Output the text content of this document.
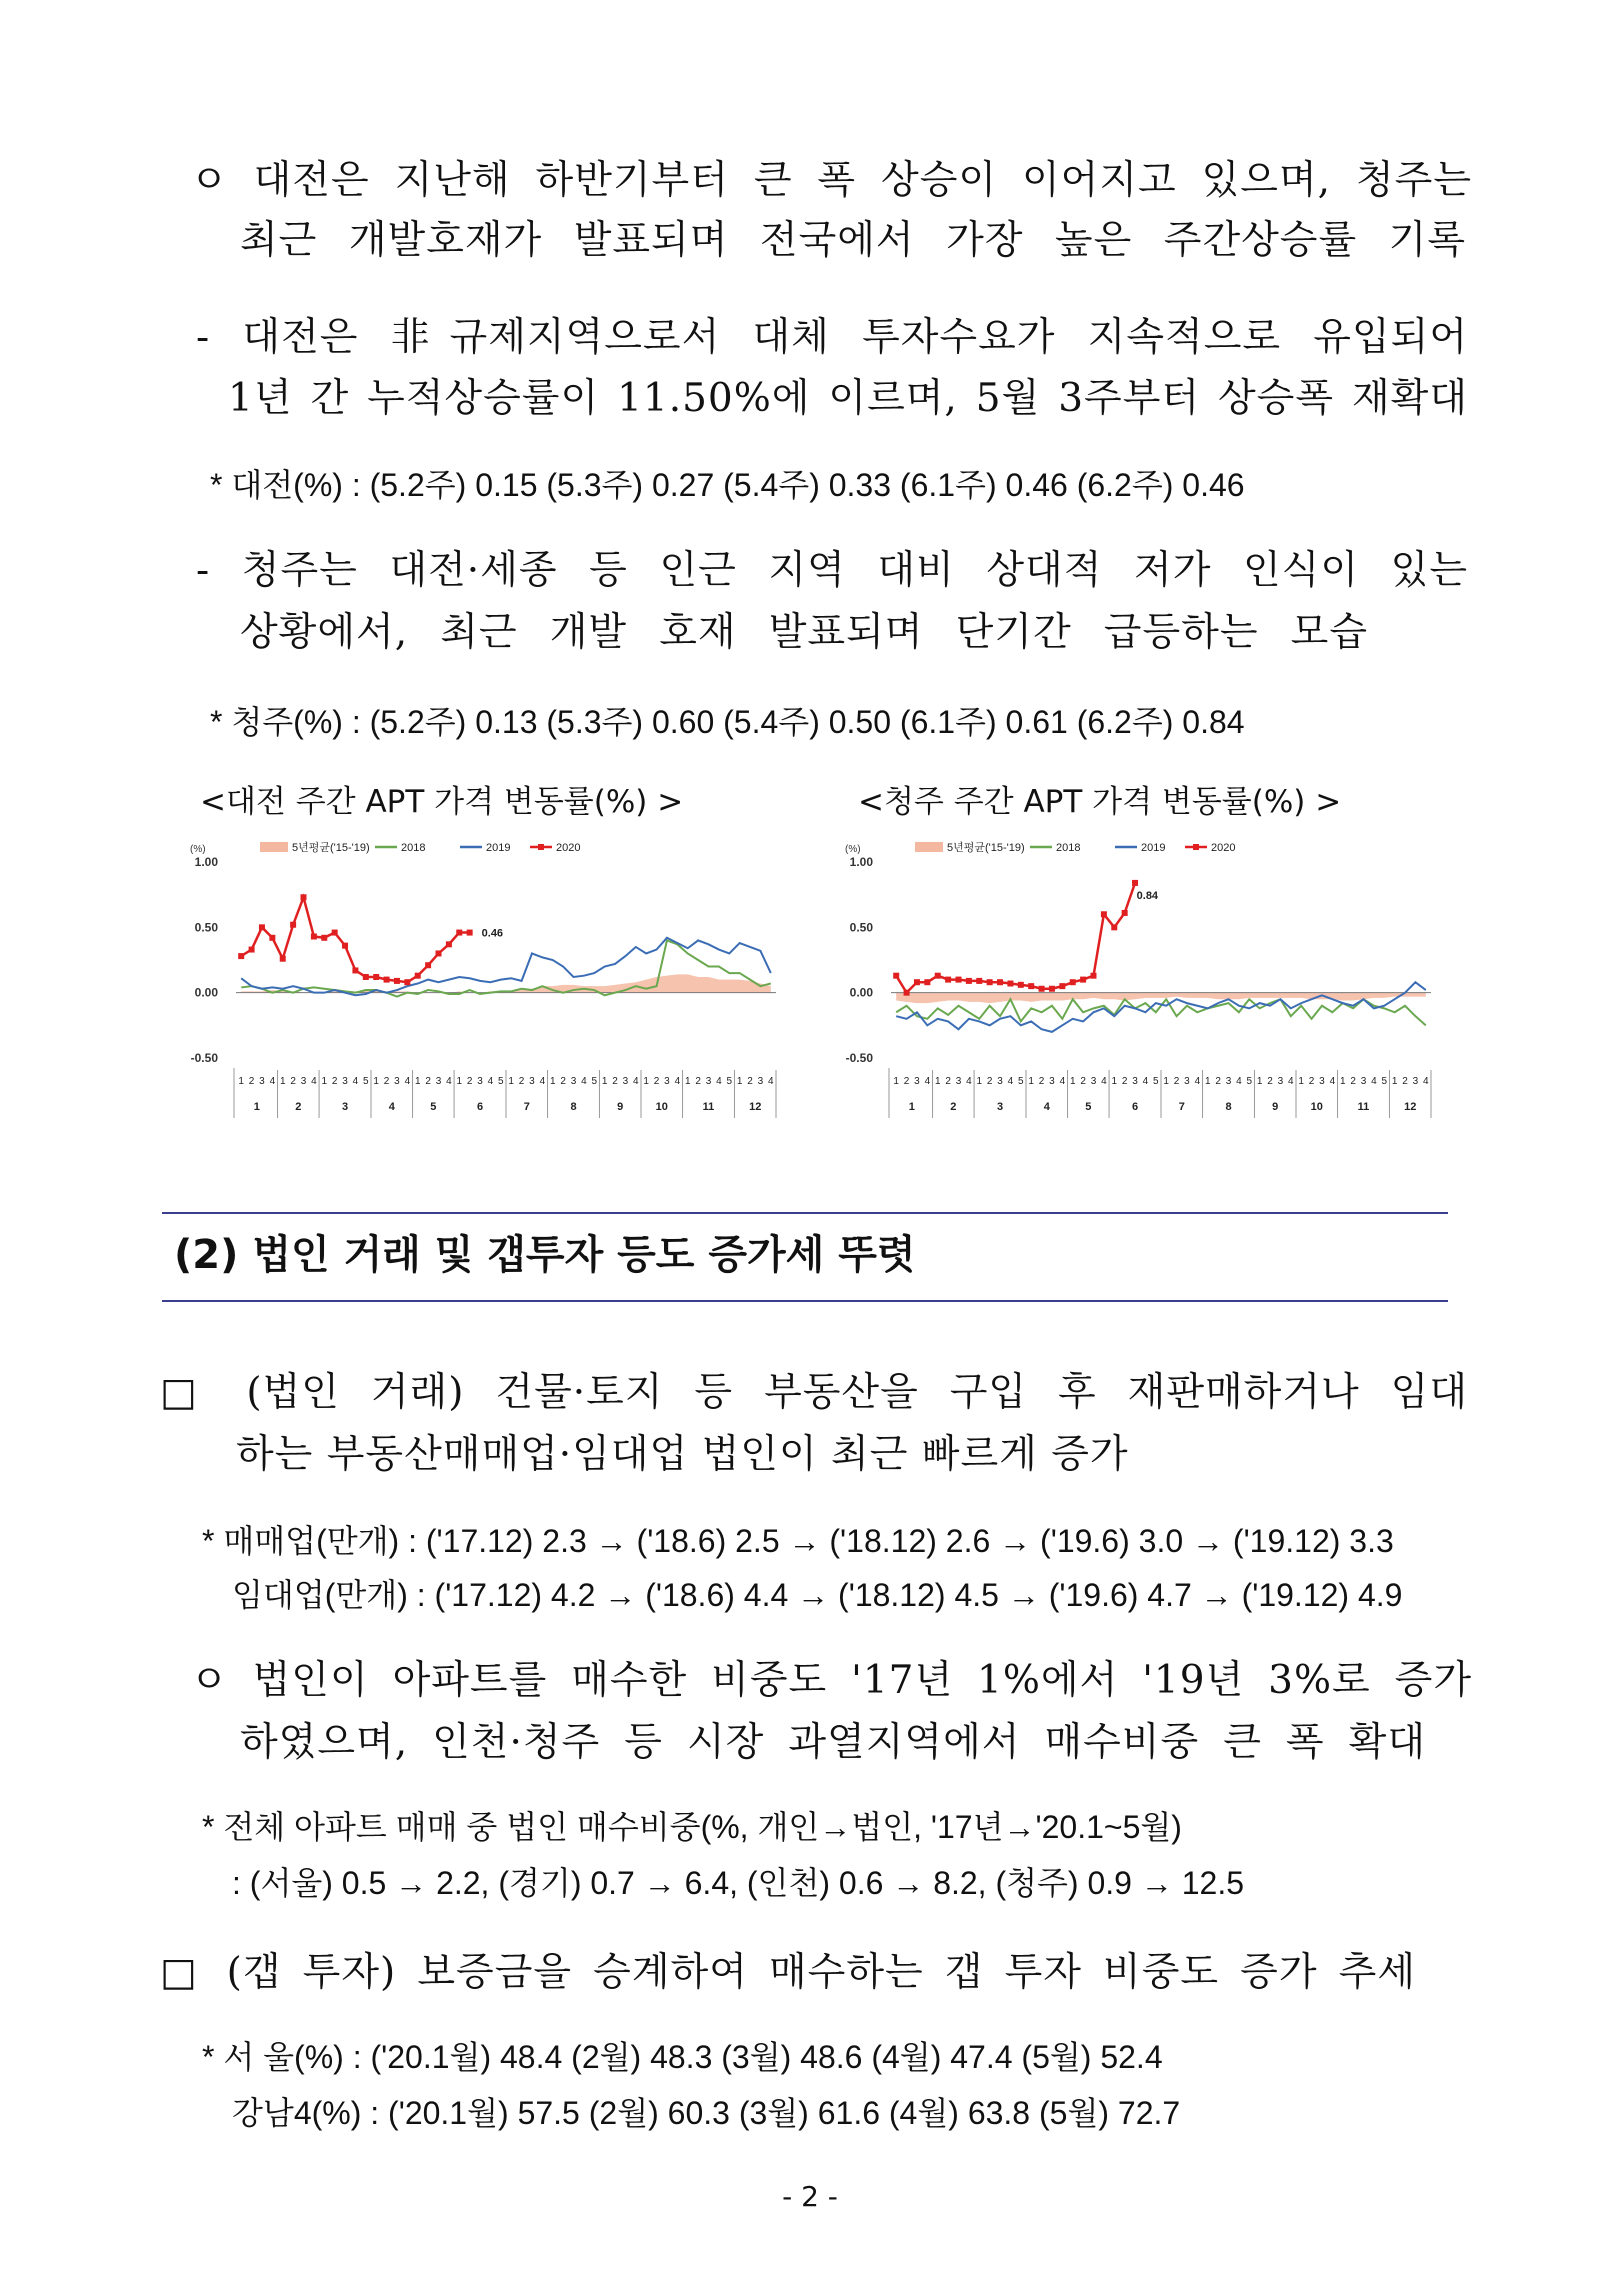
ㅇ 대전은 지난해 하반기부터 큰 폭 상승이 이어지고 있으며, 청주는
최근 개발호재가 발표되며 전국에서 가장 높은 주간상승률 기록
- 대전은 非규제지역으로서 대체 투자수요가 지속적으로 유입되어
1년 간 누적상승률이 11.50%에 이르며, 5월 3주부터 상승폭 재확대
* 대전(%) : (5.2주) 0.15 (5.3주) 0.27 (5.4주) 0.33 (6.1주) 0.46 (6.2주) 0.46
- 청주는 대전·세종 등 인근 지역 대비 상대적 저가 인식이 있는
상황에서, 최근 개발 호재 발표되며 단기간 급등하는 모습
* 청주(%) : (5.2주) 0.13 (5.3주) 0.60 (5.4주) 0.50 (6.1주) 0.61 (6.2주) 0.84
<대전 주간 APT 가격 변동률(%) >	<청주 주간 APT 가격 변동률(%) >
(%)
1.00
0.50
0.00
-0.50
5년평균('15-'19)	2018	2019	2020
0.46
1 2 3 4 1 2 3 4 1 2 3 4 5 1 2 3 4 1 2 3 4 1 2 3 4 5 1 2 3 4 1 2 3 4 5 1 2 3 4 1 2 3 4 1 2 3 4 5 1 2 3 4
1	2	3	4	5	6	7	8	9	10	11	12
(%)
1.00
0.50
0.00
-0.50
5년평균('15-'19)	2018	2019	2020
0.84
1 2 3 4 1 2 3 4 1 2 3 4 5 1 2 3 4 1 2 3 4 1 2 3 4 5 1 2 3 4 1 2 3 4 5 1 2 3 4 1 2 3 4 1 2 3 4 5 1 2 3 4
1	2	3	4	5	6	7	8	9	10	11	12
(2) 법인 거래 및 갭투자 등도 증가세 뚜렷
□ (법인 거래) 건물·토지 등 부동산을 구입 후 재판매하거나 임대
하는 부동산매매업·임대업 법인이 최근 빠르게 증가
* 매매업(만개) : ('17.12) 2.3 → ('18.6) 2.5 → ('18.12) 2.6 → ('19.6) 3.0 → ('19.12) 3.3
임대업(만개) : ('17.12) 4.2 → ('18.6) 4.4 → ('18.12) 4.5 → ('19.6) 4.7 → ('19.12) 4.9
ㅇ 법인이 아파트를 매수한 비중도 '17년 1%에서 '19년 3%로 증가
하였으며, 인천·청주 등 시장 과열지역에서 매수비중 큰 폭 확대
* 전체 아파트 매매 중 법인 매수비중(%, 개인→법인, '17년→'20.1~5월)
: (서울) 0.5 → 2.2, (경기) 0.7 → 6.4, (인천) 0.6 → 8.2, (청주) 0.9 → 12.5
□ (갭 투자) 보증금을 승계하여 매수하는 갭 투자 비중도 증가 추세
* 서 울(%) : ('20.1월) 48.4 (2월) 48.3 (3월) 48.6 (4월) 47.4 (5월) 52.4
강남4(%) : ('20.1월) 57.5 (2월) 60.3 (3월) 61.6 (4월) 63.8 (5월) 72.7
- 2 -
